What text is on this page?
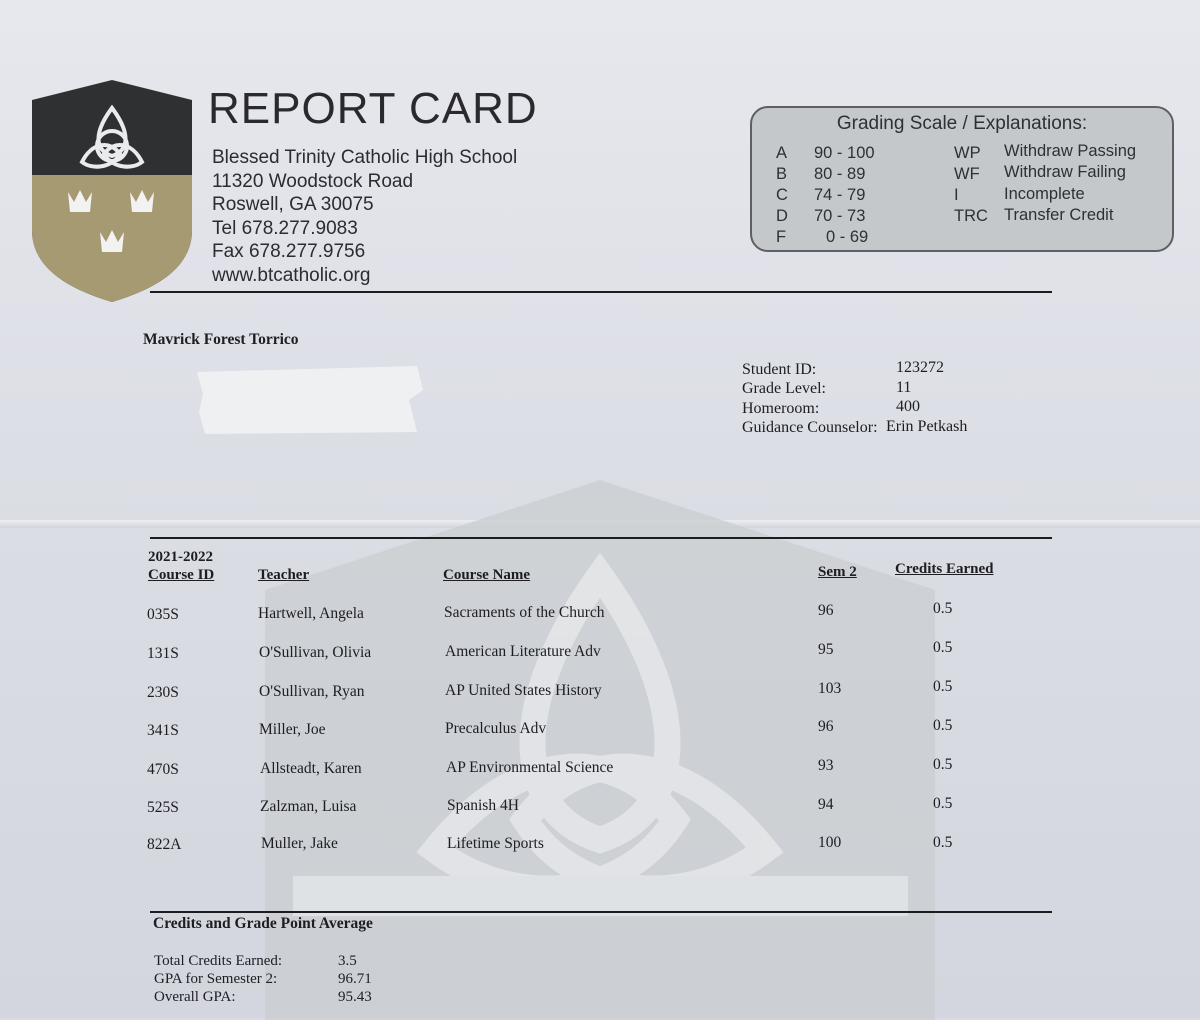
REPORT CARD
Blessed Trinity Catholic High School
11320 Woodstock Road
Roswell, GA 30075
Tel 678.277.9083
Fax 678.277.9756
www.btcatholic.org
Grading Scale / Explanations:
A 90 - 100
B 80 - 89
C 74 - 79
D 70 - 73
F 0 - 69
WP Withdraw Passing
WF Withdraw Failing
I	Incomplete
TRC Transfer Credit
Mavrick Forest Torrico
Student ID:	123272
Grade Level:	11
Homeroom:	400
Guidance Counselor: Erin Petkash
2021-2022
Course ID	Teacher	Course Name	Sem 2	Credits Earned
035S	Hartwell, Angela	Sacraments of the Church	96	0.5
131S	O'Sullivan, Olivia	American Literature Adv	95	0.5
230S	O'Sullivan, Ryan	AP United States History	103	0.5
341S	Miller, Joe	Precalculus Adv	96	0.5
470S	Allsteadt, Karen	AP Environmental Science	93	0.5
525S	Zalzman, Luisa	Spanish 4H	94	0.5
822A	Muller, Jake	Lifetime Sports	100	0.5
Credits and Grade Point Average
Total Credits Earned:	3.5
GPA for Semester 2:	96.71
Overall GPA:	95.43
